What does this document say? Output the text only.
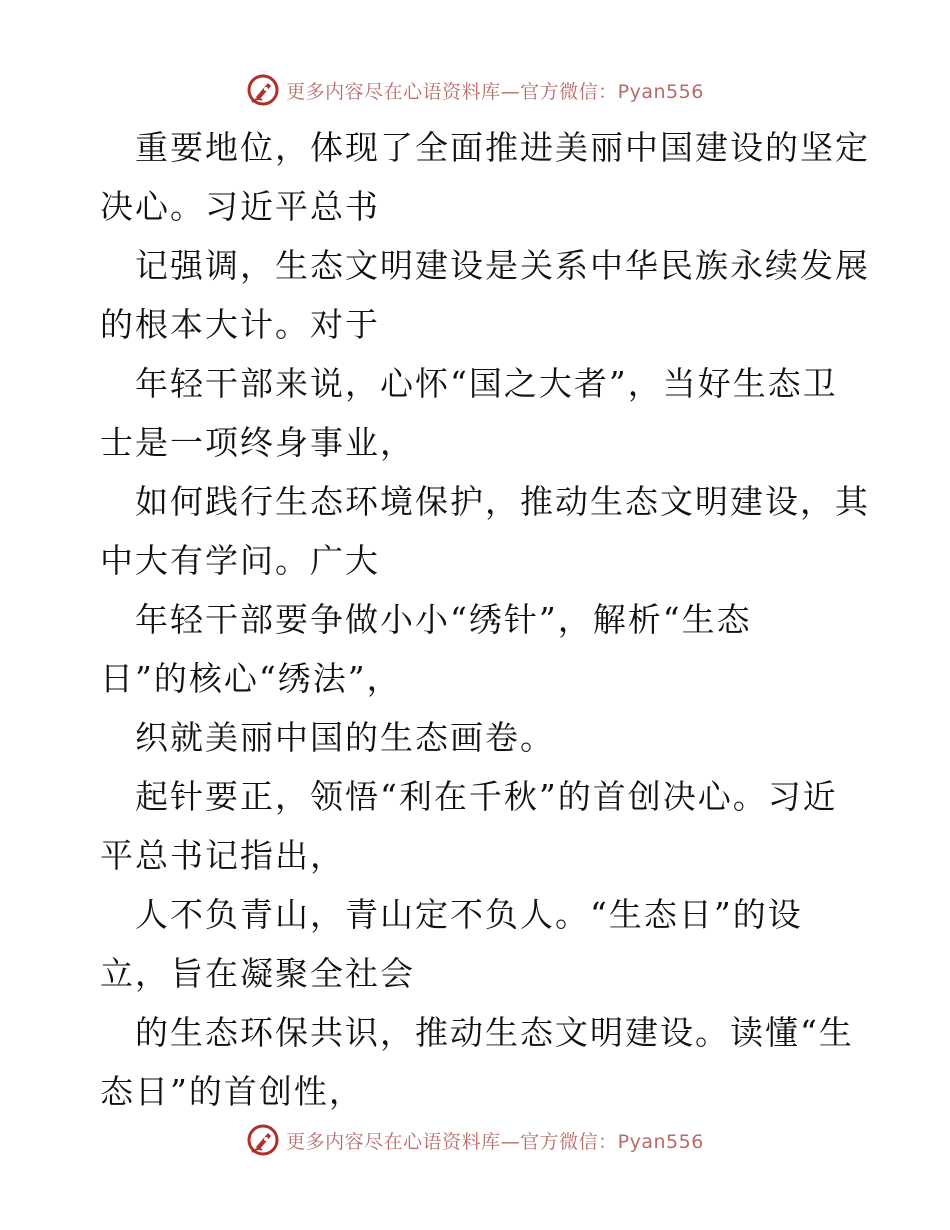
更多内容尽在心语资料库—官方微信：Pyan556
重要地位，体现了全面推进美丽中国建设的坚定
决心。习近平总书
记强调，生态文明建设是关系中华民族永续发展
的根本大计。对于
年轻干部来说，心怀“国之大者”，当好生态卫
士是一项终身事业，
如何践行生态环境保护，推动生态文明建设，其
中大有学问。广大
年轻干部要争做小小“绣针”，解析“生态
日”的核心“绣法”，
织就美丽中国的生态画卷。
起针要正，领悟“利在千秋”的首创决心。习近
平总书记指出，
人不负青山，青山定不负人。“生态日”的设
立，旨在凝聚全社会
的生态环保共识，推动生态文明建设。读懂“生
态日”的首创性，
更多内容尽在心语资料库—官方微信：Pyan556
